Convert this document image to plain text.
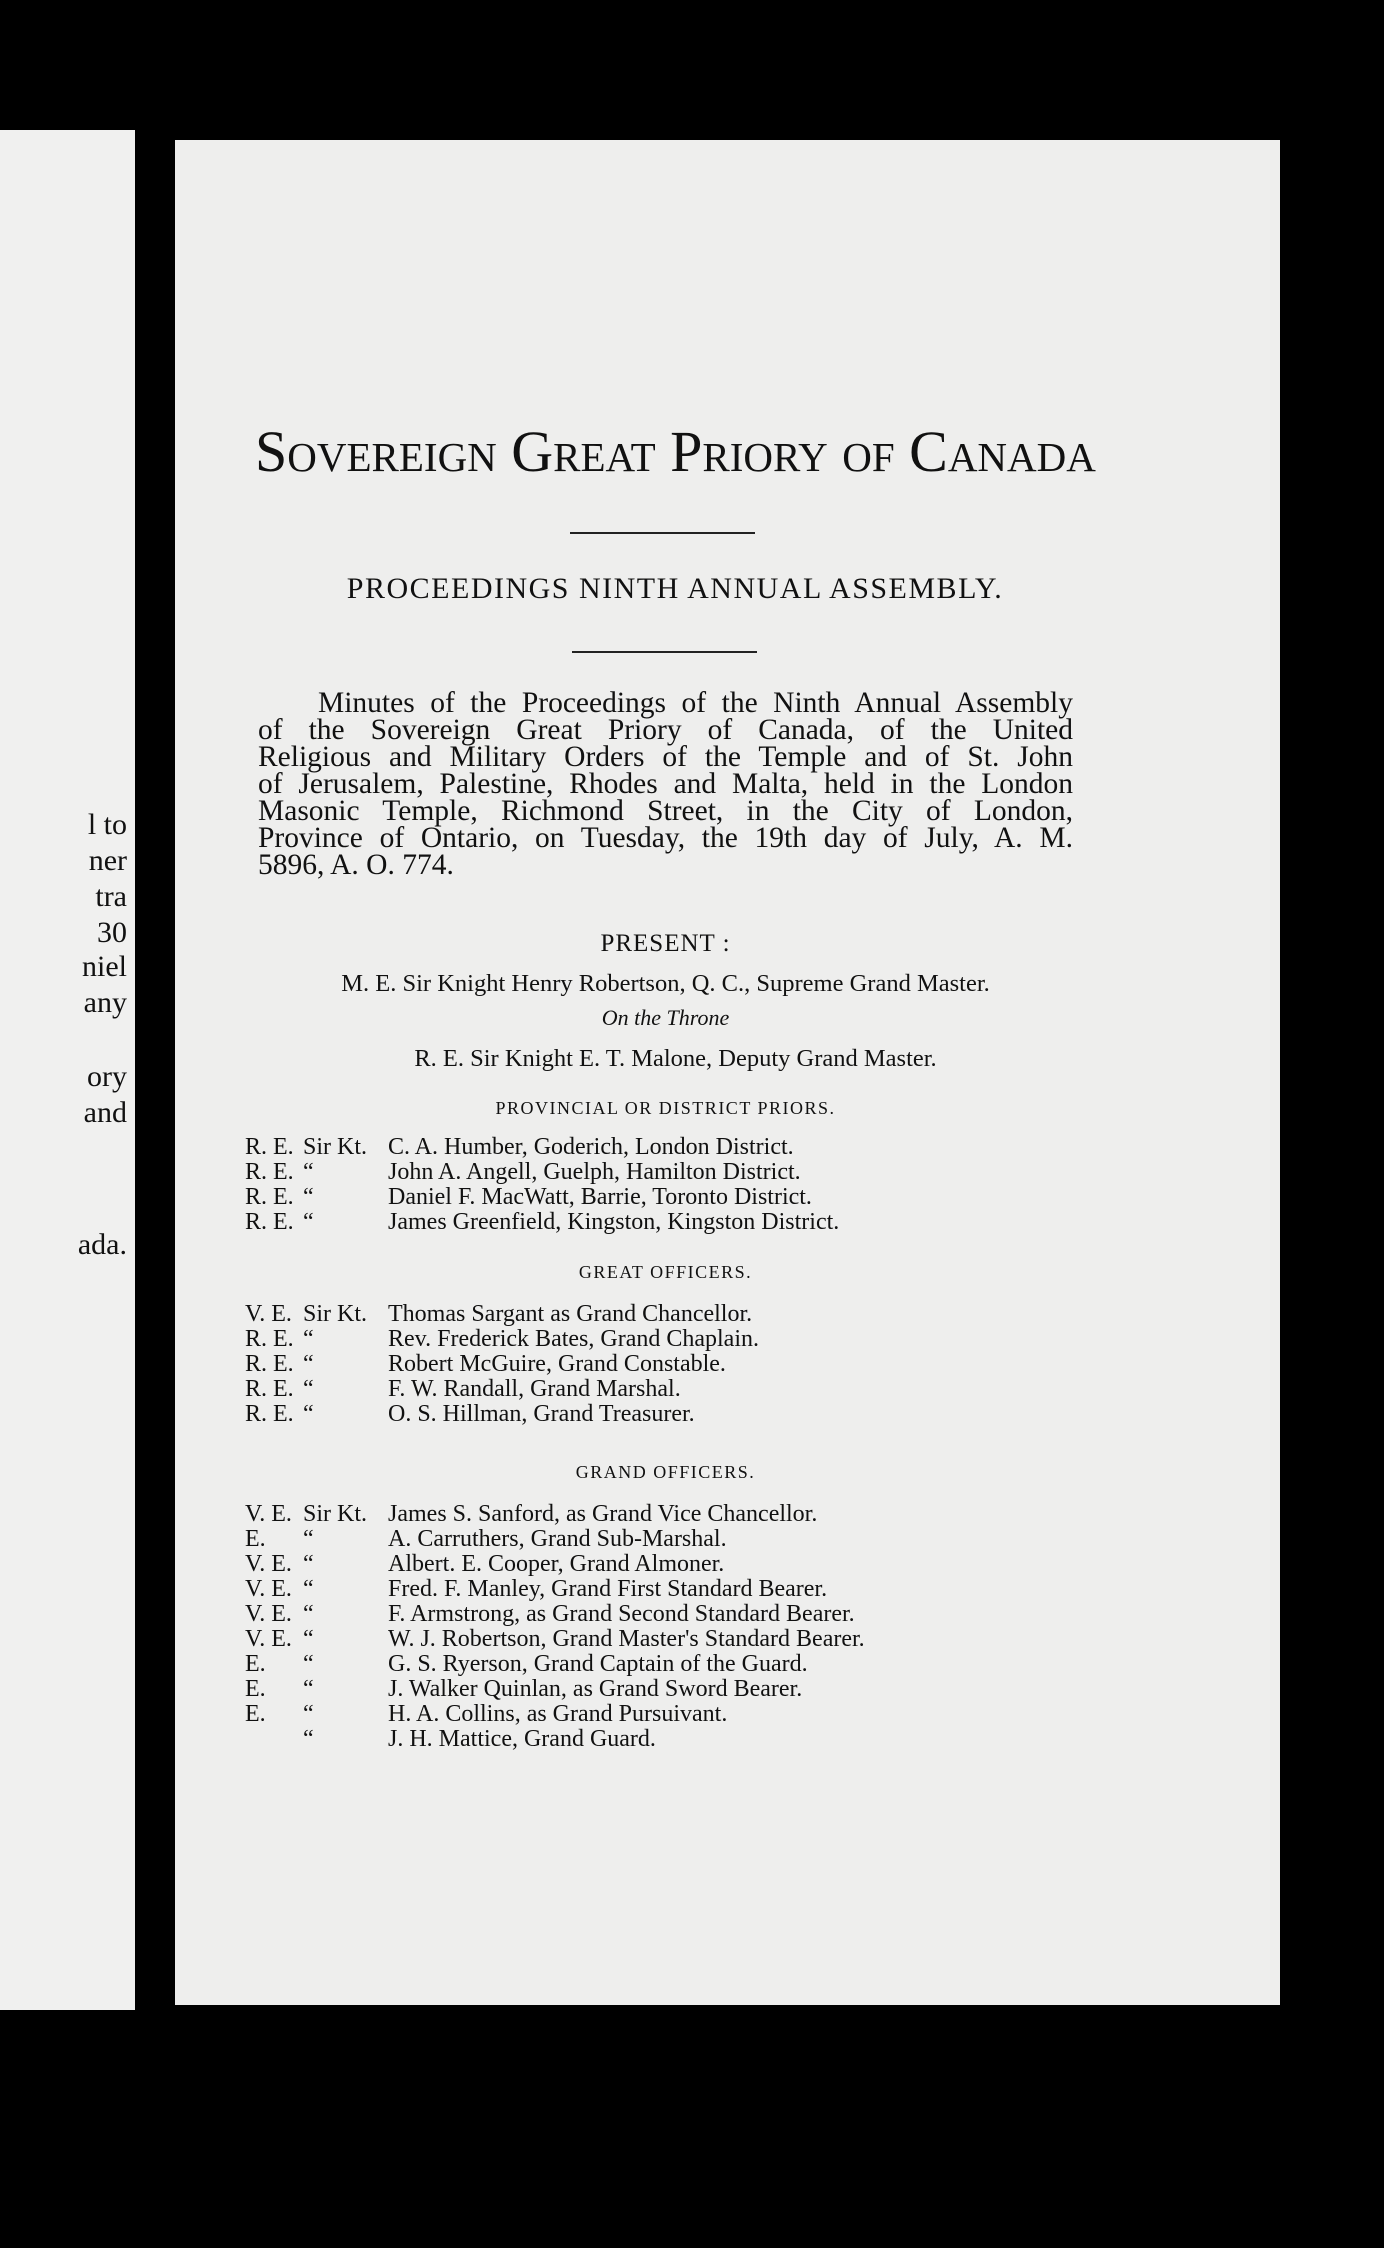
l to
ner
tra
30
niel
any
ory
and
ada.
Sovereign Great Priory of Canada
PROCEEDINGS NINTH ANNUAL ASSEMBLY.
Minutes of the Proceedings of the Ninth Annual Assembly
of the Sovereign Great Priory of Canada, of the United
Religious and Military Orders of the Temple and of St. John
of Jerusalem, Palestine, Rhodes and Malta, held in the London
Masonic Temple, Richmond Street, in the City of London,
Province of Ontario, on Tuesday, the 19th day of July, A. M.
5896, A. O. 774.
PRESENT :
M. E. Sir Knight Henry Robertson, Q. C., Supreme Grand Master.
On the Throne
R. E. Sir Knight E. T. Malone, Deputy Grand Master.
PROVINCIAL OR DISTRICT PRIORS.
R. E. Sir Kt. C. A. Humber, Goderich, London District.
R. E. “	John A. Angell, Guelph, Hamilton District.
R. E. “	Daniel F. MacWatt, Barrie, Toronto District.
R. E. “	James Greenfield, Kingston, Kingston District.
GREAT OFFICERS.
V. E. Sir Kt. Thomas Sargant as Grand Chancellor.
R. E. “	Rev. Frederick Bates, Grand Chaplain.
R. E. “	Robert McGuire, Grand Constable.
R. E. “	F. W. Randall, Grand Marshal.
R. E. “	O. S. Hillman, Grand Treasurer.
GRAND OFFICERS.
V. E. Sir Kt. James S. Sanford, as Grand Vice Chancellor.
E.	“	A. Carruthers, Grand Sub-Marshal.
V. E. “	Albert. E. Cooper, Grand Almoner.
V. E. “	Fred. F. Manley, Grand First Standard Bearer.
V. E. “	F. Armstrong, as Grand Second Standard Bearer.
V. E. “	W. J. Robertson, Grand Master's Standard Bearer.
E.	“	G. S. Ryerson, Grand Captain of the Guard.
E.	“	J. Walker Quinlan, as Grand Sword Bearer.
E.	“	H. A. Collins, as Grand Pursuivant.
“	J. H. Mattice, Grand Guard.
